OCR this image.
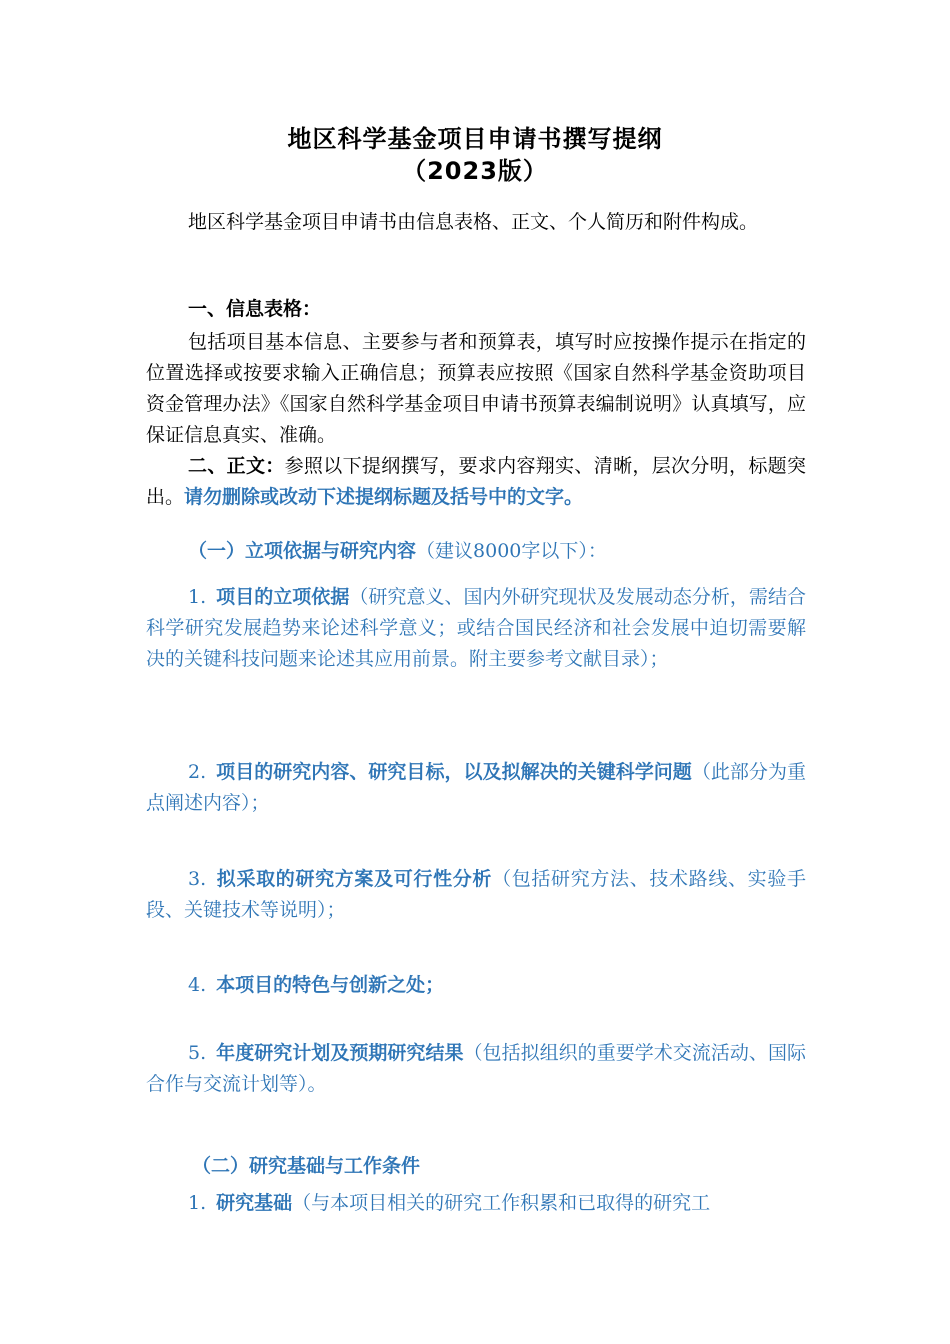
地区科学基金项目申请书撰写提纲
（2023版）

地区科学基金项目申请书由信息表格、正文、个人简历和附件构成。

一、信息表格：

包括项目基本信息、主要参与者和预算表，填写时应按操作提示在指定的位置选择或按要求输入正确信息；预算表应按照《国家自然科学基金资助项目资金管理办法》《国家自然科学基金项目申请书预算表编制说明》认真填写，应保证信息真实、准确。

二、正文：参照以下提纲撰写，要求内容翔实、清晰，层次分明，标题突出。请勿删除或改动下述提纲标题及括号中的文字。

（一）立项依据与研究内容（建议8000字以下）：

1. 项目的立项依据（研究意义、国内外研究现状及发展动态分析，需结合科学研究发展趋势来论述科学意义；或结合国民经济和社会发展中迫切需要解决的关键科技问题来论述其应用前景。附主要参考文献目录）；

2. 项目的研究内容、研究目标，以及拟解决的关键科学问题（此部分为重点阐述内容）；

3. 拟采取的研究方案及可行性分析（包括研究方法、技术路线、实验手段、关键技术等说明）；

4. 本项目的特色与创新之处；

5. 年度研究计划及预期研究结果（包括拟组织的重要学术交流活动、国际合作与交流计划等）。

（二）研究基础与工作条件

1. 研究基础（与本项目相关的研究工作积累和已取得的研究工
